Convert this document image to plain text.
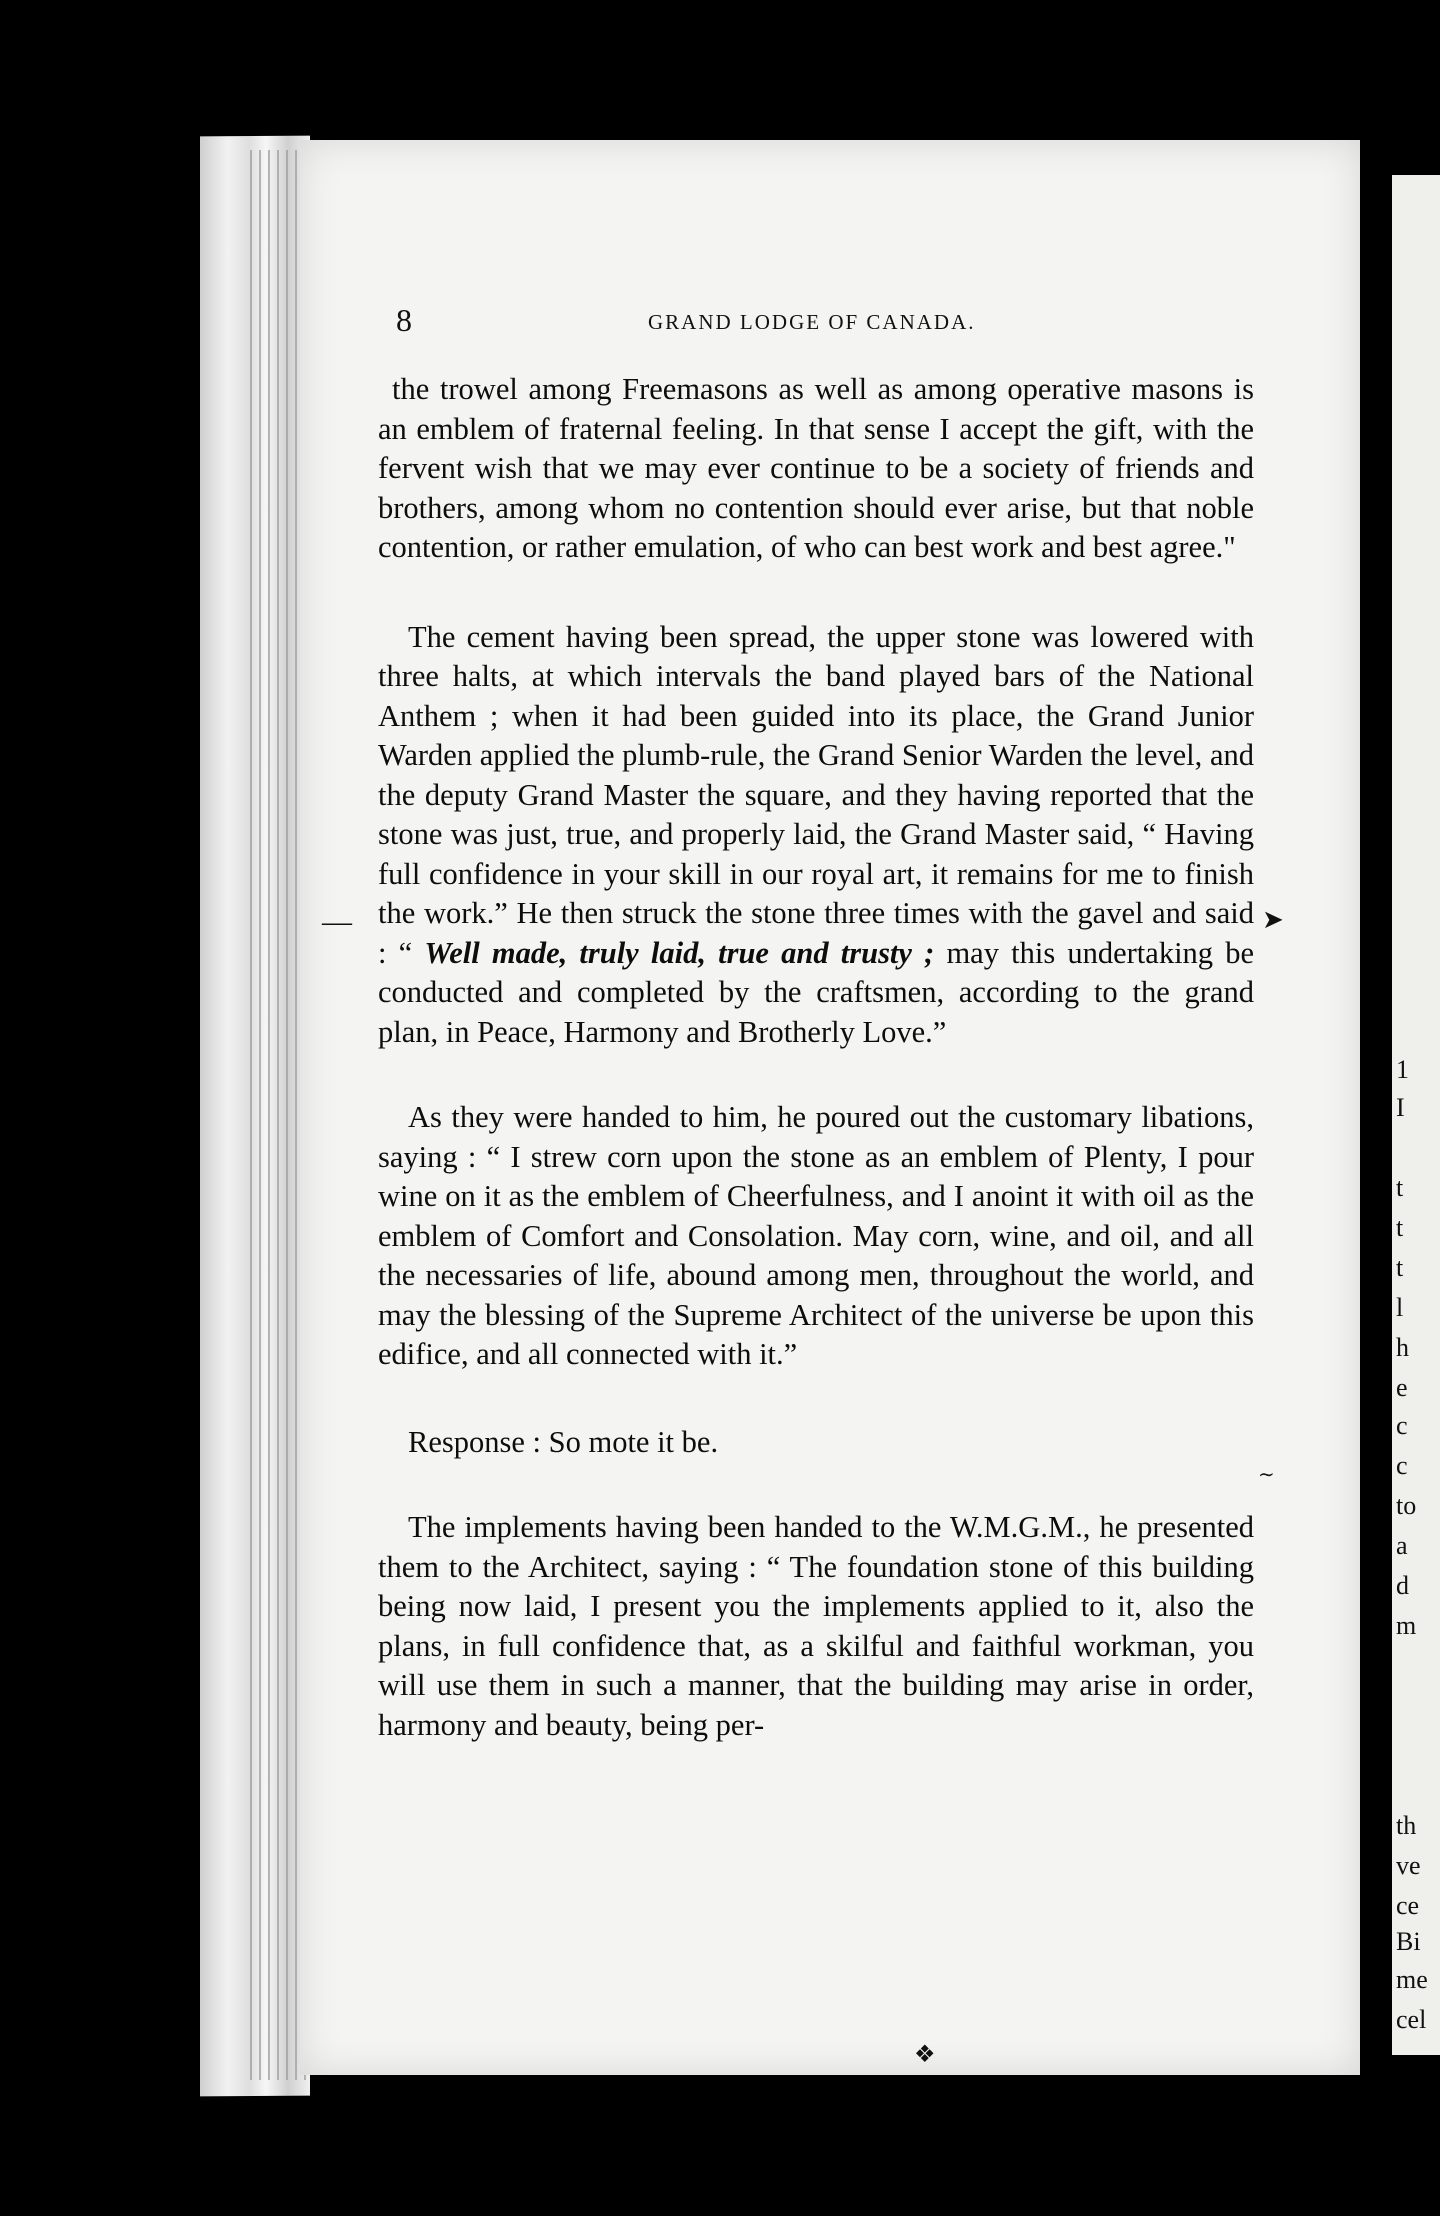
1
I
t
t
t
l
h
e
c
c
to
a
d
m
th
ve
ce
Bi
me
cel
8	GRAND LODGE OF CANADA.

the trowel among Freemasons as well as among operative masons is an emblem of fraternal feeling. In that sense I accept the gift, with the fervent wish that we may ever continue to be a society of friends and brothers, among whom no contention should ever arise, but that noble contention, or rather emulation, of who can best work and best agree."

The cement having been spread, the upper stone was lowered with three halts, at which intervals the band played bars of the National Anthem ; when it had been guided into its place, the Grand Junior Warden applied the plumb-rule, the Grand Senior Warden the level, and the deputy Grand Master the square, and they having reported that the stone was just, true, and properly laid, the Grand Master said, “ Having full confidence in your skill in our royal art, it remains for me to finish the work.” He then struck the stone three times with the gavel and said : “ Well made, truly laid, true and trusty ; may this undertaking be conducted and completed by the craftsmen, according to the grand plan, in Peace, Harmony and Brotherly Love.”

As they were handed to him, he poured out the customary libations, saying : “ I strew corn upon the stone as an emblem of Plenty, I pour wine on it as the emblem of Cheerfulness, and I anoint it with oil as the emblem of Comfort and Consolation. May corn, wine, and oil, and all the necessaries of life, abound among men, throughout the world, and may the blessing of the Supreme Architect of the universe be upon this edifice, and all connected with it.”

Response : So mote it be.

The implements having been handed to the W.M.G.M., he presented them to the Architect, saying : “ The foundation stone of this building being now laid, I present you the implements applied to it, also the plans, in full confidence that, as a skilful and faithful workman, you will use them in such a manner, that the building may arise in order, harmony and beauty, being per-

—	➤
∼
❖
